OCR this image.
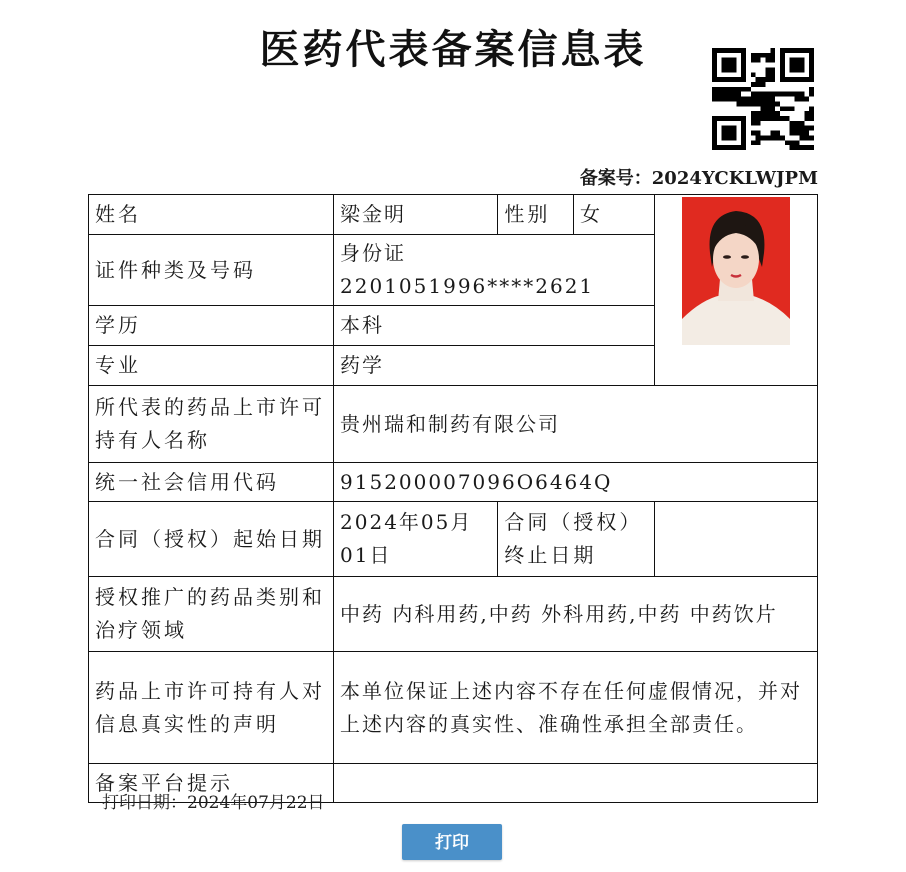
医药代表备案信息表
备案号：2024YCKLWJPM
姓名	梁金明	性别	女	
证件种类及号码	身份证 2201051996****2621			
学历	本科			
专业	药学			
所代表的药品上市许可持有人名称	贵州瑞和制药有限公司			
统一社会信用代码	915200007096O6464Q			
合同（授权）起始日期	2024年05月01日	合同（授权）终止日期		
授权推广的药品类别和治疗领域	中药 内科用药,中药 外科用药,中药 中药饮片			
药品上市许可持有人对信息真实性的声明	本单位保证上述内容不存在任何虚假情况，并对上述内容的真实性、准确性承担全部责任。			
备案平台提示				
打印日期：2024年07月22日
打印
